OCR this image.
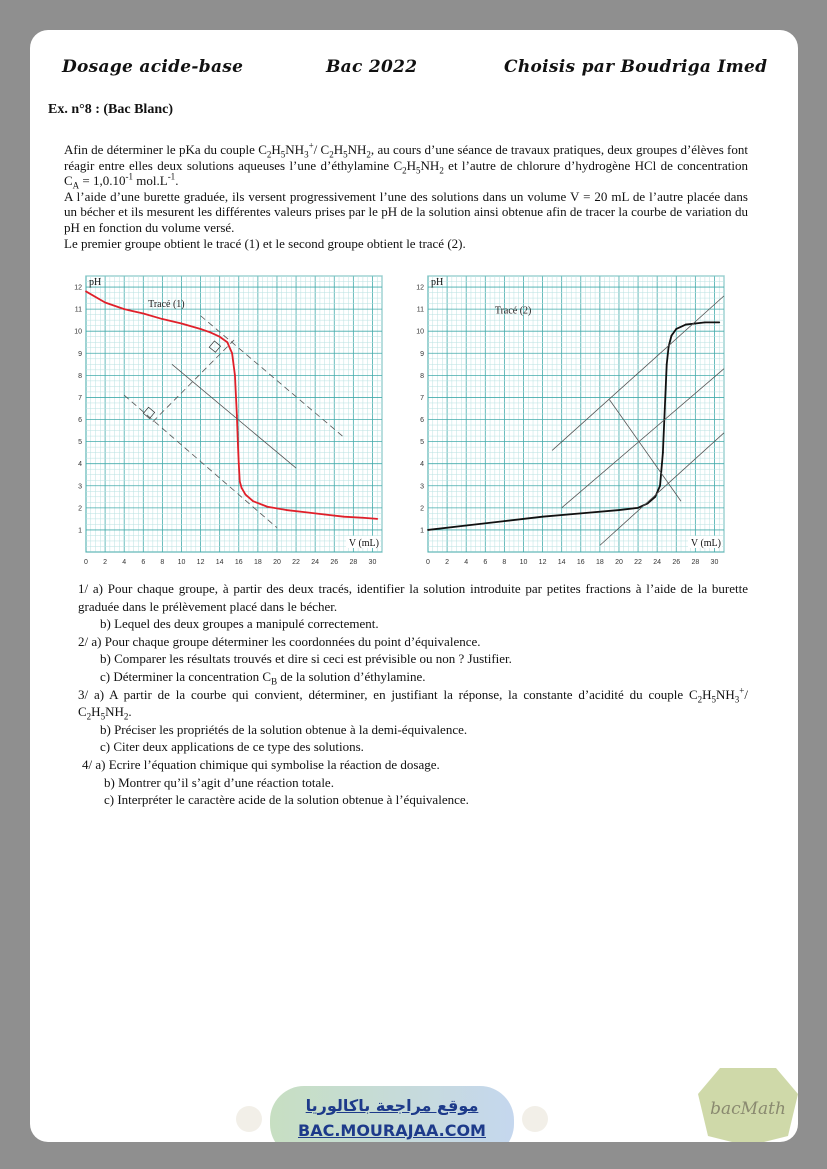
Dosage acide-base	Bac 2022	Choisis par Boudriga Imed
Ex. n°8 : (Bac Blanc)

Afin de déterminer le pKa du couple $C_2H_5NH_3^+/$ $C_2H_5NH_2$, au cours d’une séance de travaux pratiques, deux groupes d’élèves font réagir entre elles deux solutions aqueuses l’une d’éthylamine $C_2H_5NH_2$ et l’autre de chlorure d’hydrogène HCl de concentration $C_A = 1,0.10^{-1}$ $mol.L^{-1}$.

A l’aide d’une burette graduée, ils versent progressivement l’une des solutions dans un volume V = 20 mL de l’autre placée dans un bécher et ils mesurent les différentes valeurs prises par le pH de la solution ainsi obtenue afin de tracer la courbe de variation du pH en fonction du volume versé.

Le premier groupe obtient le tracé (1) et le second groupe obtient le tracé (2).

0 2 4 6 8 10 12 14 16 18 20 22 24 26 28 30
1
2
3
4
5
6
7
8
9
10
11
12
pH
V (mL)
Tracé (1)
0 2 4 6 8 10 12 14 16 18 20 22 24 26 28 30
1
2
3
4
5
6
7
8
9
10
11
12
pH
V (mL)
Tracé (2)

1/ a) Pour chaque groupe, à partir des deux tracés, identifier la solution introduite par petites fractions à l’aide de la burette graduée dans le prélèvement placé dans le bécher.

b) Lequel des deux groupes a manipulé correctement.

2/ a) Pour chaque groupe déterminer les coordonnées du point d’équivalence.

b) Comparer les résultats trouvés et dire si ceci est prévisible ou non ? Justifier.

c) Déterminer la concentration $C_B$ de la solution d’éthylamine.

3/ a) A partir de la courbe qui convient, déterminer, en justifiant la réponse, la constante d’acidité du couple $C_2H_5NH_3^+/$ $C_2H_5NH_2$.

b) Préciser les propriétés de la solution obtenue à la demi-équivalence.

c) Citer deux applications de ce type des solutions.

4/ a) Ecrire l’équation chimique qui symbolise la réaction de dosage.

b) Montrer qu’il s’agit d’une réaction totale.

c) Interpréter le caractère acide de la solution obtenue à l’équivalence.

موقع مراجعة باكالوريا
BAC.MOURAJAA.COM
bacMath
